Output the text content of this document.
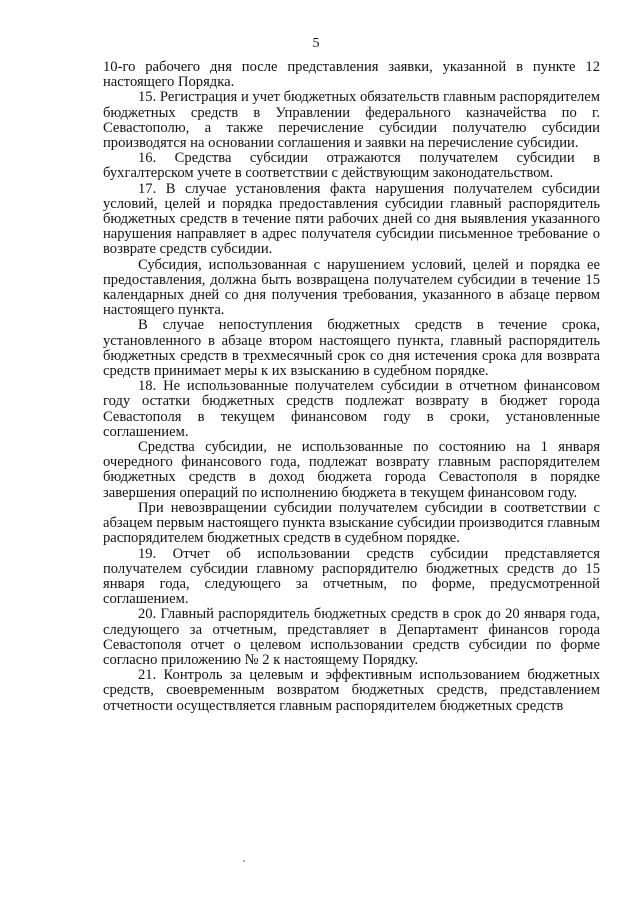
5

10-го рабочего дня после представления заявки, указанной в пункте 12 настоящего Порядка.

15. Регистрация и учет бюджетных обязательств главным распорядителем бюджетных средств в Управлении федерального казначейства по г. Севастополю, а также перечисление субсидии получателю субсидии производятся на основании соглашения и заявки на перечисление субсидии.

16. Средства субсидии отражаются получателем субсидии в бухгалтерском учете в соответствии с действующим законодательством.

17. В случае установления факта нарушения получателем субсидии условий, целей и порядка предоставления субсидии главный распорядитель бюджетных средств в течение пяти рабочих дней со дня выявления указанного нарушения направляет в адрес получателя субсидии письменное требование о возврате средств субсидии.

Субсидия, использованная с нарушением условий, целей и порядка ее предоставления, должна быть возвращена получателем субсидии в течение 15 календарных дней со дня получения требования, указанного в абзаце первом настоящего пункта.

В случае непоступления бюджетных средств в течение срока, установленного в абзаце втором настоящего пункта, главный распорядитель бюджетных средств в трехмесячный срок со дня истечения срока для возврата средств принимает меры к их взысканию в судебном порядке.

18. Не использованные получателем субсидии в отчетном финансовом году остатки бюджетных средств подлежат возврату в бюджет города Севастополя в текущем финансовом году в сроки, установленные соглашением.

Средства субсидии, не использованные по состоянию на 1 января очередного финансового года, подлежат возврату главным распорядителем бюджетных средств в доход бюджета города Севастополя в порядке завершения операций по исполнению бюджета в текущем финансовом году.

При невозвращении субсидии получателем субсидии в соответствии с абзацем первым настоящего пункта взыскание субсидии производится главным распорядителем бюджетных средств в судебном порядке.

19. Отчет об использовании средств субсидии представляется получателем субсидии главному распорядителю бюджетных средств до 15 января года, следующего за отчетным, по форме, предусмотренной соглашением.

20. Главный распорядитель бюджетных средств в срок до 20 января года, следующего за отчетным, представляет в Департамент финансов города Севастополя отчет о целевом использовании средств субсидии по форме согласно приложению № 2 к настоящему Порядку.

21. Контроль за целевым и эффективным использованием бюджетных средств, своевременным возвратом бюджетных средств, представлением отчетности осуществляется главным распорядителем бюджетных средств
